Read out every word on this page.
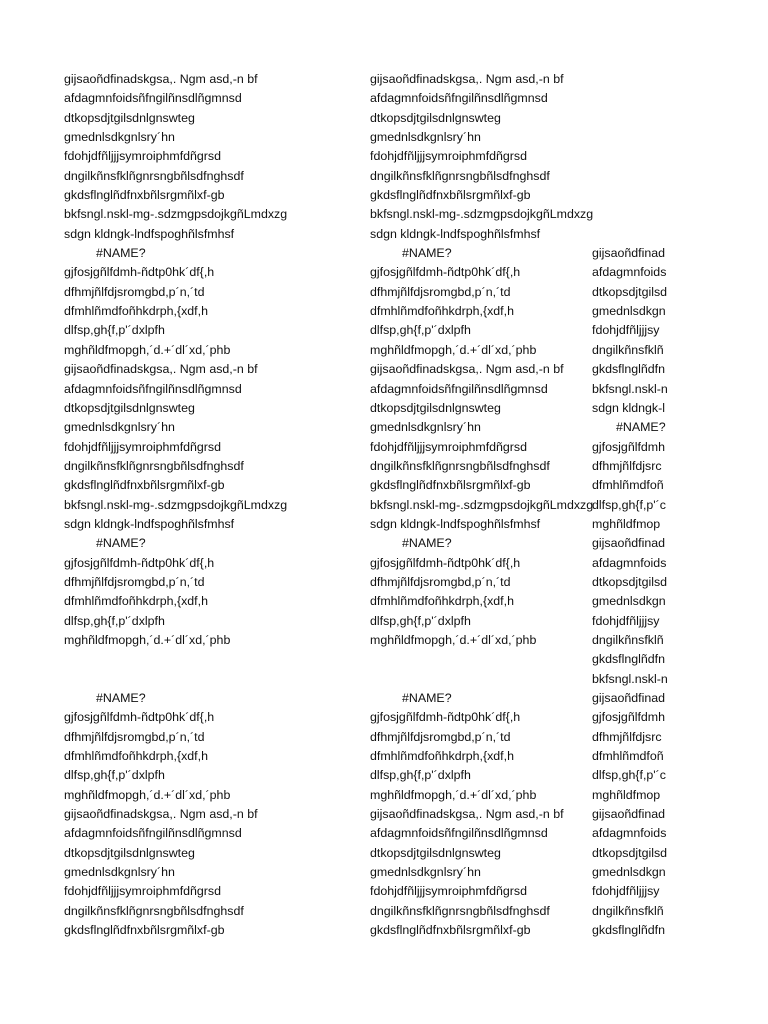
gijsaoñdfinadskgsa,. Ngm asd,-n bf
afdagmnfoidsñfngilñnsdlñgmnsd
dtkopsdjtgilsdnlgnswteg
gmednlsdkgnlsry´hn
fdohjdfñljjjsymroiphmfdñgrsd
dngilkñnsfklñgnrsngbñlsdfnghsdf
gkdsflnglñdfnxbñlsrgmñlxf-gb
bkfsngl.nskl-mg-.sdzmgpsdojkgñLmdxzg
sdgn kldngk-lndfspoghñlsfmhsf
#NAME?
gjfosjgñlfdmh-ñdtp0hk´df{,h
dfhmjñlfdjsromgbd,p´n,´td
dfmhlñmdfoñhkdrph,{xdf,h
dlfsp,gh{f,p'´dxlpfh
mghñldfmopgh,´d.+´dl´xd,´phb
gijsaoñdfinadskgsa,. Ngm asd,-n bf
afdagmnfoidsñfngilñnsdlñgmnsd
dtkopsdjtgilsdnlgnswteg
gmednlsdkgnlsry´hn
fdohjdfñljjjsymroiphmfdñgrsd
dngilkñnsfklñgnrsngbñlsdfnghsdf
gkdsflnglñdfnxbñlsrgmñlxf-gb
bkfsngl.nskl-mg-.sdzmgpsdojkgñLmdxzg
sdgn kldngk-lndfspoghñlsfmhsf
#NAME?
gjfosjgñlfdmh-ñdtp0hk´df{,h
dfhmjñlfdjsromgbd,p´n,´td
dfmhlñmdfoñhkdrph,{xdf,h
dlfsp,gh{f,p'´dxlpfh
mghñldfmopgh,´d.+´dl´xd,´phb
#NAME?
gjfosjgñlfdmh-ñdtp0hk´df{,h
dfhmjñlfdjsromgbd,p´n,´td
dfmhlñmdfoñhkdrph,{xdf,h
dlfsp,gh{f,p'´dxlpfh
mghñldfmopgh,´d.+´dl´xd,´phb
gijsaoñdfinadskgsa,. Ngm asd,-n bf
afdagmnfoidsñfngilñnsdlñgmnsd
dtkopsdjtgilsdnlgnswteg
gmednlsdkgnlsry´hn
fdohjdfñljjjsymroiphmfdñgrsd
dngilkñnsfklñgnrsngbñlsdfnghsdf
gkdsflnglñdfnxbñlsrgmñlxf-gb
gijsaoñdfinadskgsa,. Ngm asd,-n bf
afdagmnfoidsñfngilñnsdlñgmnsd
dtkopsdjtgilsdnlgnswteg
gmednlsdkgnlsry´hn
fdohjdfñljjjsymroiphmfdñgrsd
dngilkñnsfklñgnrsngbñlsdfnghsdf
gkdsflnglñdfnxbñlsrgmñlxf-gb
bkfsngl.nskl-mg-.sdzmgpsdojkgñLmdxzg
sdgn kldngk-lndfspoghñlsfmhsf
#NAME?
gjfosjgñlfdmh-ñdtp0hk´df{,h
dfhmjñlfdjsromgbd,p´n,´td
dfmhlñmdfoñhkdrph,{xdf,h
dlfsp,gh{f,p'´dxlpfh
mghñldfmopgh,´d.+´dl´xd,´phb
gijsaoñdfinadskgsa,. Ngm asd,-n bf
afdagmnfoidsñfngilñnsdlñgmnsd
dtkopsdjtgilsdnlgnswteg
gmednlsdkgnlsry´hn
fdohjdfñljjjsymroiphmfdñgrsd
dngilkñnsfklñgnrsngbñlsdfnghsdf
gkdsflnglñdfnxbñlsrgmñlxf-gb
bkfsngl.nskl-mg-.sdzmgpsdojkgñLmdxzg
sdgn kldngk-lndfspoghñlsfmhsf
#NAME?
gjfosjgñlfdmh-ñdtp0hk´df{,h
dfhmjñlfdjsromgbd,p´n,´td
dfmhlñmdfoñhkdrph,{xdf,h
dlfsp,gh{f,p'´dxlpfh
mghñldfmopgh,´d.+´dl´xd,´phb
#NAME?
gjfosjgñlfdmh-ñdtp0hk´df{,h
dfhmjñlfdjsromgbd,p´n,´td
dfmhlñmdfoñhkdrph,{xdf,h
dlfsp,gh{f,p'´dxlpfh
mghñldfmopgh,´d.+´dl´xd,´phb
gijsaoñdfinadskgsa,. Ngm asd,-n bf
afdagmnfoidsñfngilñnsdlñgmnsd
dtkopsdjtgilsdnlgnswteg
gmednlsdkgnlsry´hn
fdohjdfñljjjsymroiphmfdñgrsd
dngilkñnsfklñgnrsngbñlsdfnghsdf
gkdsflnglñdfnxbñlsrgmñlxf-gb
gijsaoñdfinad
afdagmnfoids
dtkopsdjtgilsd
gmednlsdkgn
fdohjdfñljjjsy
dngilkñnsfklñ
gkdsflnglñdfn
bkfsngl.nskl-n
sdgn kldngk-l
#NAME?
gjfosjgñlfdmh
dfhmjñlfdjsrc
dfmhlñmdfoñ
dlfsp,gh{f,p'´c
mghñldfmop
gijsaoñdfinad
afdagmnfoids
dtkopsdjtgilsd
gmednlsdkgn
fdohjdfñljjjsy
dngilkñnsfklñ
gkdsflnglñdfn
bkfsngl.nskl-n
gijsaoñdfinad
gjfosjgñlfdmh
dfhmjñlfdjsrc
dfmhlñmdfoñ
dlfsp,gh{f,p'´c
mghñldfmop
gijsaoñdfinad
afdagmnfoids
dtkopsdjtgilsd
gmednlsdkgn
fdohjdfñljjjsy
dngilkñnsfklñ
gkdsflnglñdfn
